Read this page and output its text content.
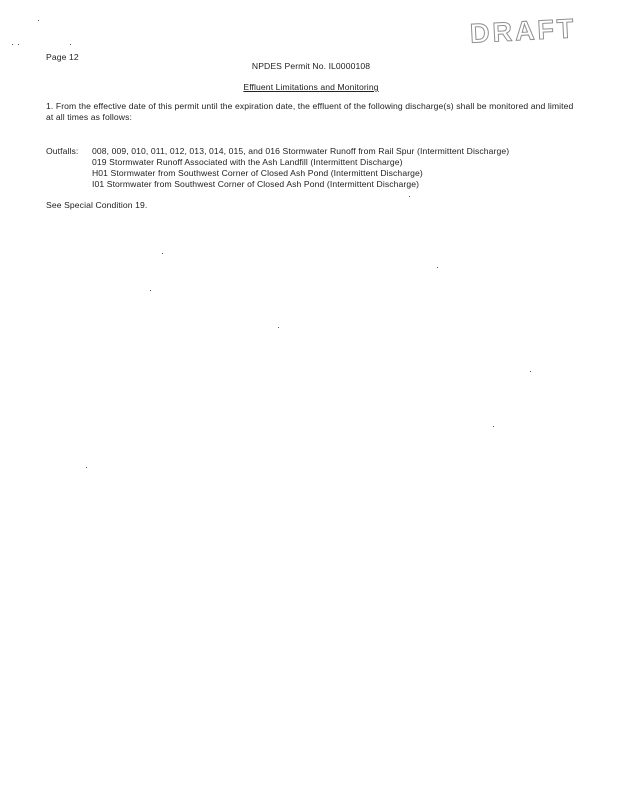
DRAFT
Page 12
NPDES Permit No. IL0000108
Effluent Limitations and Monitoring
1. From the effective date of this permit until the expiration date, the effluent of the following discharge(s) shall be monitored and limited
at all times as follows:
Outfalls: 008, 009, 010, 011, 012, 013, 014, 015, and 016 Stormwater Runoff from Rail Spur (Intermittent Discharge)
019 Stormwater Runoff Associated with the Ash Landfill (Intermittent Discharge)
H01 Stormwater from Southwest Corner of Closed Ash Pond (Intermittent Discharge)
I01 Stormwater from Southwest Corner of Closed Ash Pond (Intermittent Discharge)
See Special Condition 19.
